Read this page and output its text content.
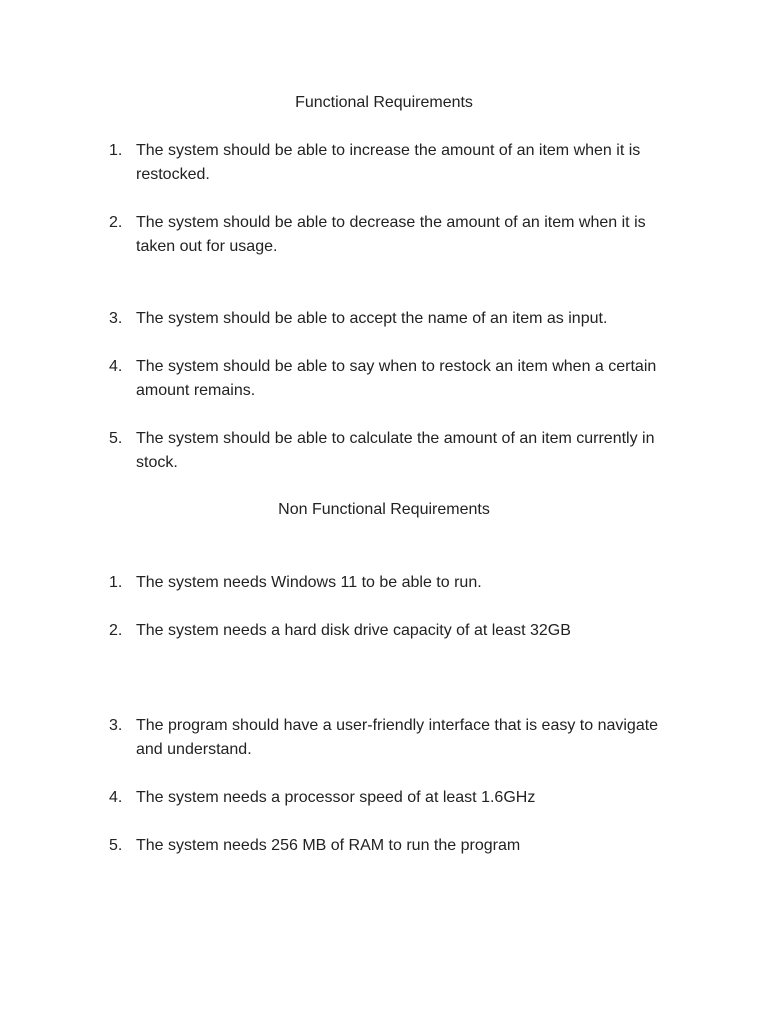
Functional Requirements
1. The system should be able to increase the amount of an item when it is restocked.
2. The system should be able to decrease the amount of an item when it is taken out for usage.
3. The system should be able to accept the name of an item as input.
4. The system should be able to say when to restock an item when a certain amount remains.
5. The system should be able to calculate the amount of an item currently in stock.
Non Functional Requirements
1. The system needs Windows 11 to be able to run.
2. The system needs a hard disk drive capacity of at least 32GB
3. The program should have a user-friendly interface that is easy to navigate and understand.
4. The system needs a processor speed of at least 1.6GHz
5. The system needs 256 MB of RAM to run the program
